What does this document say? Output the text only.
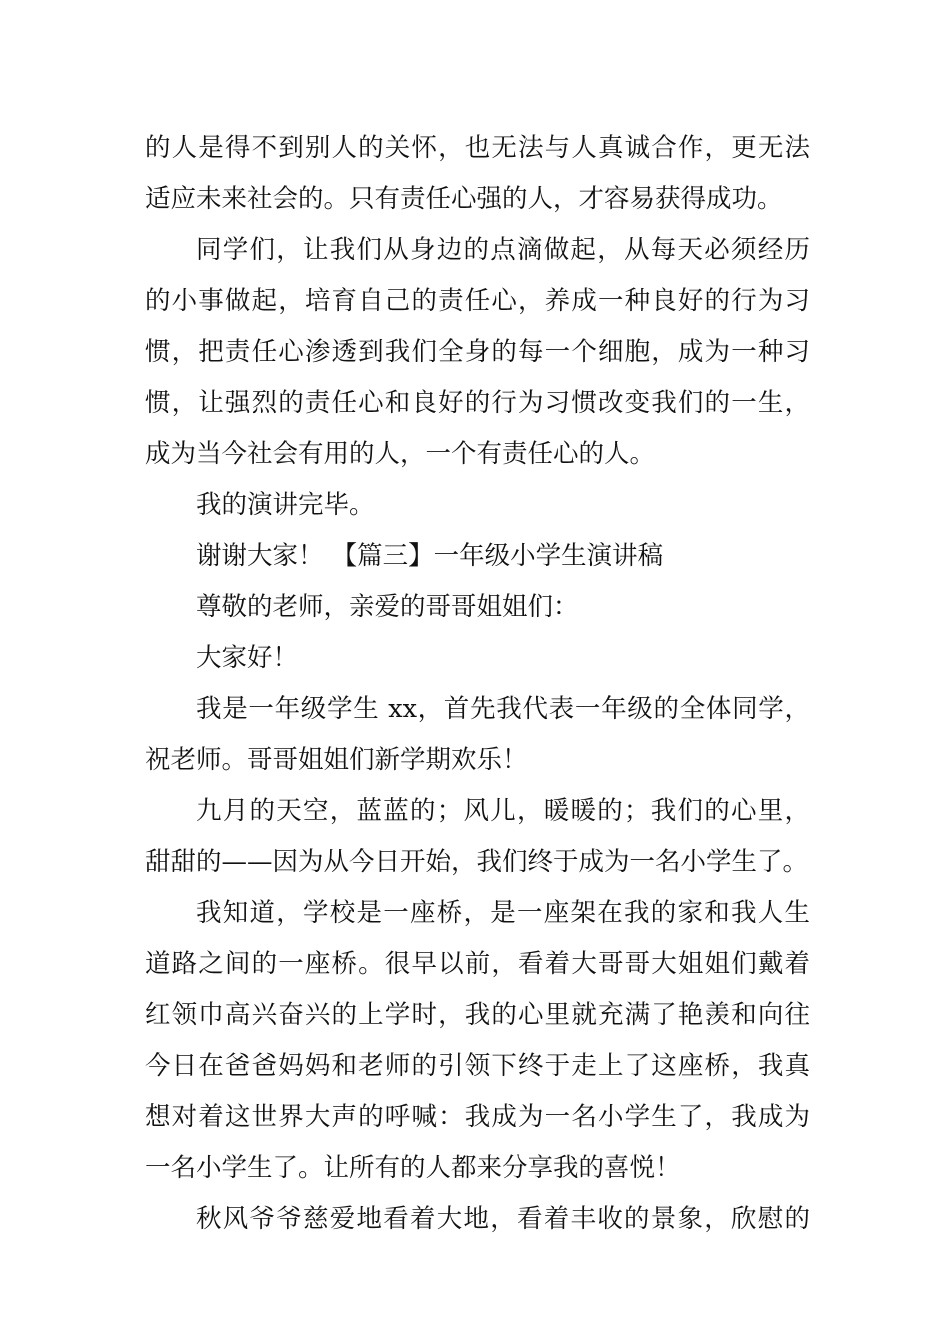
的人是得不到别人的关怀，也无法与人真诚合作，更无法
适应未来社会的。只有责任心强的人，才容易获得成功。
同学们，让我们从身边的点滴做起，从每天必须经历
的小事做起，培育自己的责任心，养成一种良好的行为习
惯，把责任心渗透到我们全身的每一个细胞，成为一种习
惯，让强烈的责任心和良好的行为习惯改变我们的一生，
成为当今社会有用的人，一个有责任心的人。
我的演讲完毕。
谢谢大家！ 【篇三】一年级小学生演讲稿
尊敬的老师，亲爱的哥哥姐姐们：
大家好！
我是一年级学生 xx，首先我代表一年级的全体同学，
祝老师。哥哥姐姐们新学期欢乐！
九月的天空，蓝蓝的；风儿，暖暖的；我们的心里，
甜甜的——因为从今日开始，我们终于成为一名小学生了。
我知道，学校是一座桥，是一座架在我的家和我人生
道路之间的一座桥。很早以前，看着大哥哥大姐姐们戴着
红领巾高兴奋兴的上学时，我的心里就充满了艳羡和向往
今日在爸爸妈妈和老师的引领下终于走上了这座桥，我真
想对着这世界大声的呼喊：我成为一名小学生了，我成为
一名小学生了。让所有的人都来分享我的喜悦！
秋风爷爷慈爱地看着大地，看着丰收的景象，欣慰的
